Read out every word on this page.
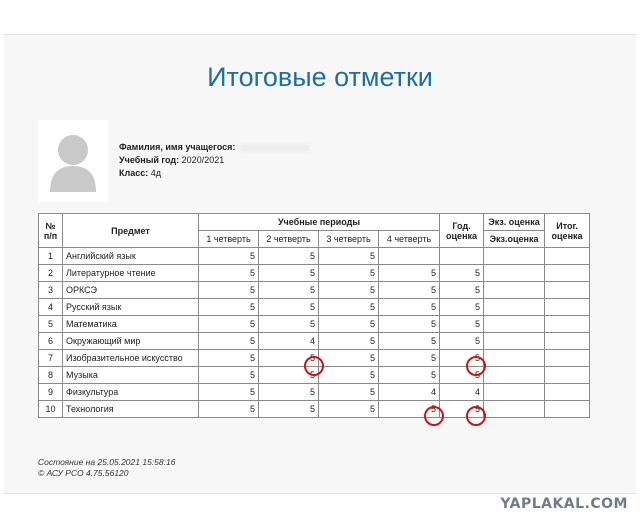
Итоговые отметки
Фамилия, имя учащегося:
Учебный год: 2020/2021
Класс: 4д
№ п/п	Предмет	Учебные периоды				Год. оценка	Экз. оценка	Итог. оценка
		1 четверть	2 четверть	3 четверть	4 четверть		Экз.оценка	
1	Английский язык	5	5	5				
2	Литературное чтение	5	5	5	5	5		
3	ОРКСЭ	5	5	5	5	5		
4	Русский язык	5	5	5	5	5		
5	Математика	5	5	5	5	5		
6	Окружающий мир	5	4	5	5	5		
7	Изобразительное искусство	5	5	5	5	5		
8	Музыка	5	5	5	5	5		
9	Физкультура	5	5	5	4	4		
10	Технология	5	5	5	5	5		
Состояние на 25.05.2021 15:58:16
© АСУ РСО 4.75.56120
YAPLAKAL.COM
